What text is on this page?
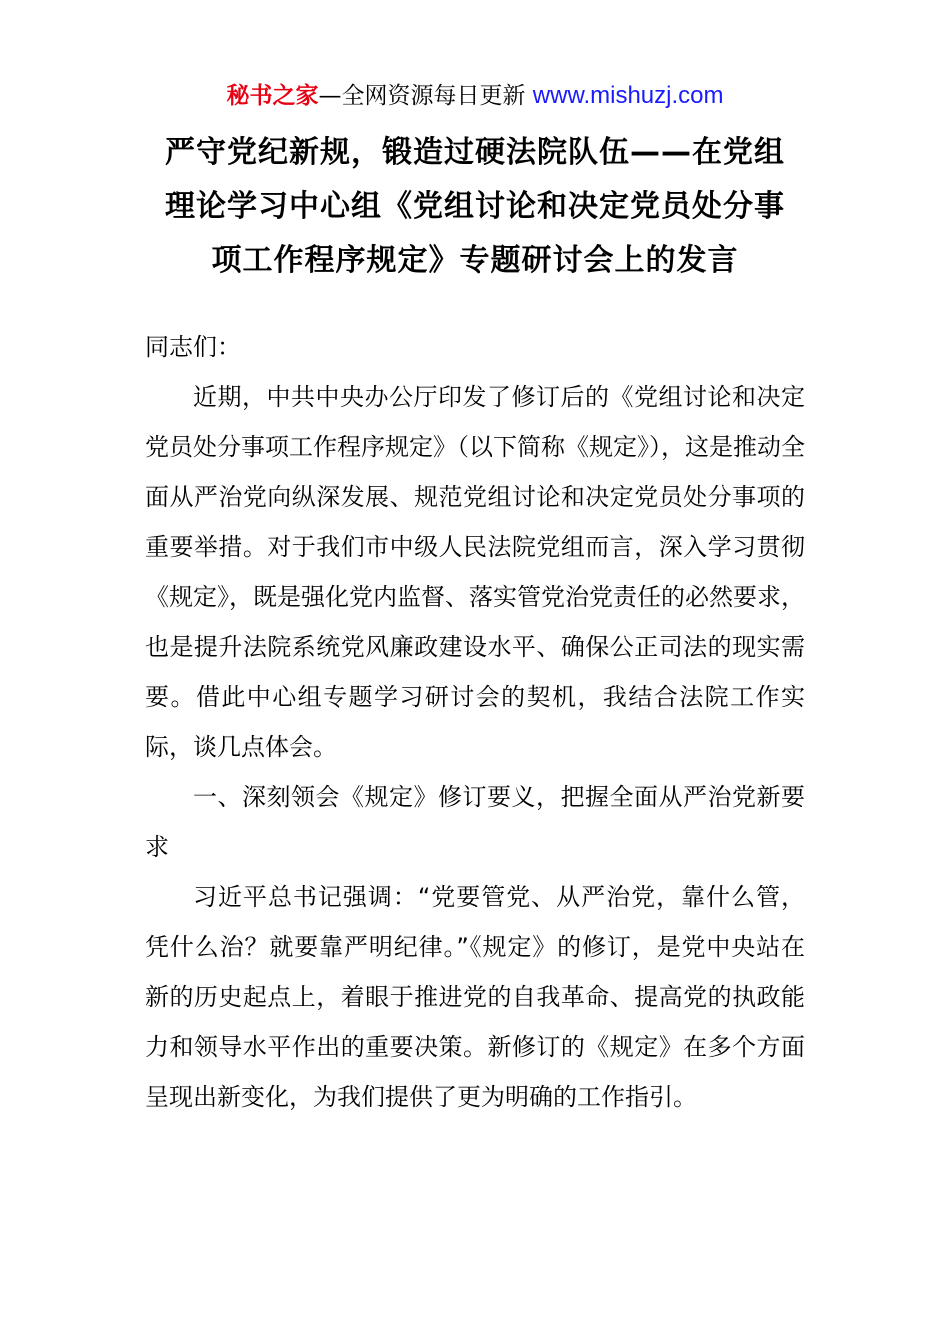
秘书之家—全网资源每日更新 www.mishuzj.com
严守党纪新规，锻造过硬法院队伍——在党组
理论学习中心组《党组讨论和决定党员处分事
项工作程序规定》专题研讨会上的发言

同志们：

近期，中共中央办公厅印发了修订后的《党组讨论和决定党员处分事项工作程序规定》（以下简称《规定》），这是推动全面从严治党向纵深发展、规范党组讨论和决定党员处分事项的重要举措。对于我们市中级人民法院党组而言，深入学习贯彻《规定》，既是强化党内监督、落实管党治党责任的必然要求，也是提升法院系统党风廉政建设水平、确保公正司法的现实需要。借此中心组专题学习研讨会的契机，我结合法院工作实际，谈几点体会。

一、深刻领会《规定》修订要义，把握全面从严治党新要求

习近平总书记强调：“党要管党、从严治党，靠什么管，凭什么治？就要靠严明纪律。”《规定》的修订，是党中央站在新的历史起点上，着眼于推进党的自我革命、提高党的执政能力和领导水平作出的重要决策。新修订的《规定》在多个方面呈现出新变化，为我们提供了更为明确的工作指引。
